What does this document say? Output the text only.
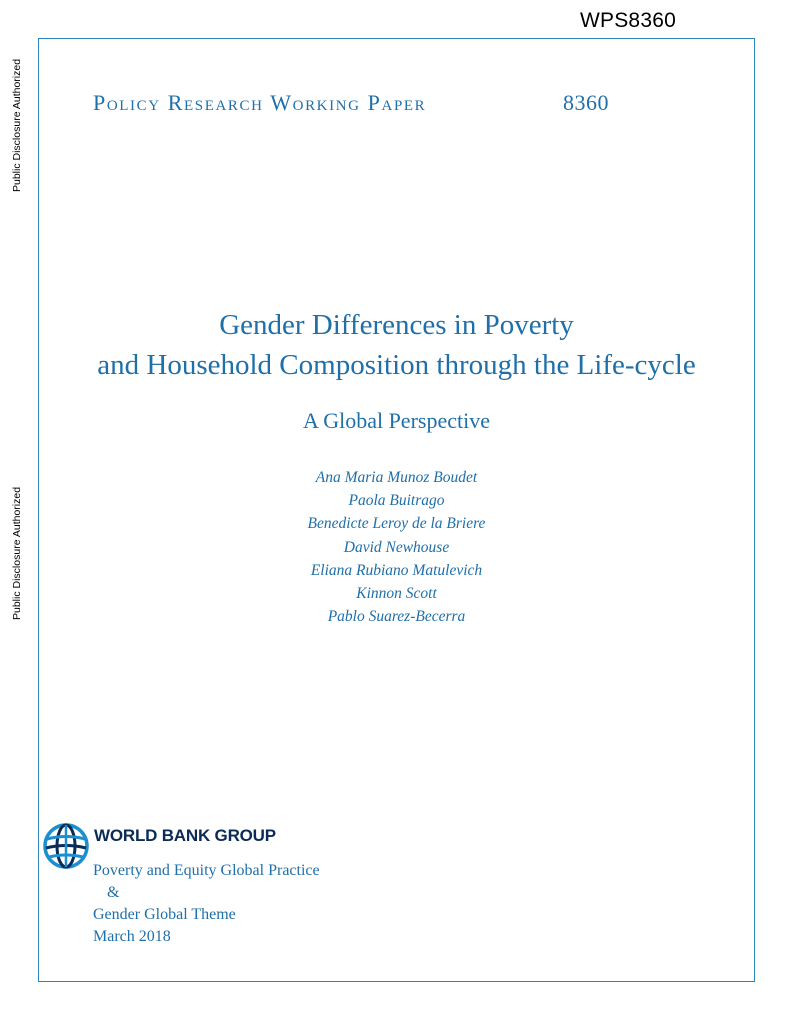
WPS8360
Public Disclosure Authorized
Public Disclosure Authorized
Policy Research Working Paper	8360
Gender Differences in Poverty
and Household Composition through the Life-cycle
A Global Perspective
Ana Maria Munoz Boudet
Paola Buitrago
Benedicte Leroy de la Briere
David Newhouse
Eliana Rubiano Matulevich
Kinnon Scott
Pablo Suarez-Becerra
WORLD BANK GROUP
Poverty and Equity Global Practice
&
Gender Global Theme
March 2018
